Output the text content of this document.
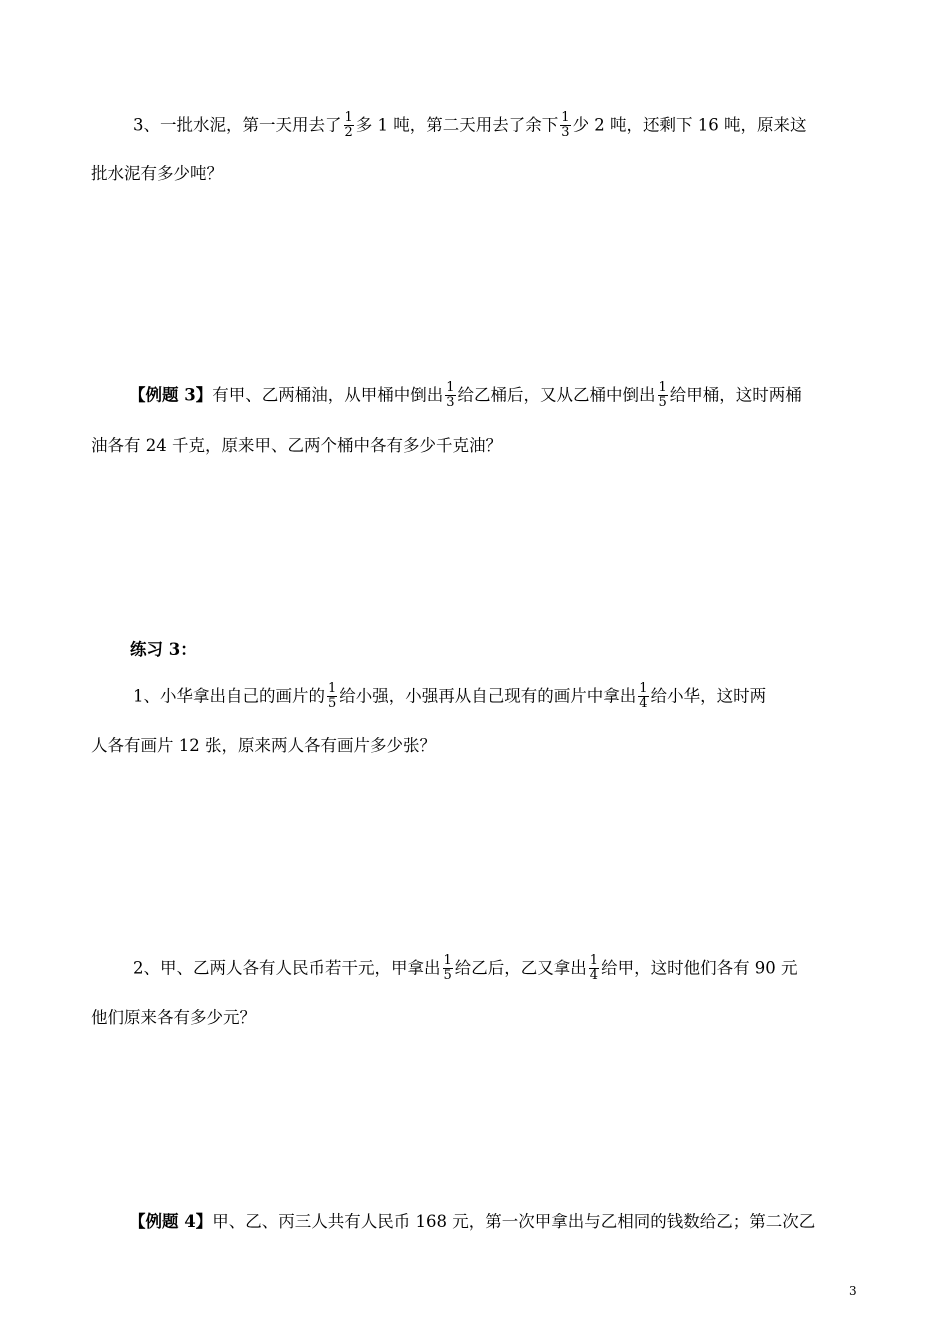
3、一批水泥，第一天用去了 $\frac{1}{2}$ 多 1 吨，第二天用去了余下 $\frac{1}{3}$ 少 2 吨，还剩下 16 吨，原来这
批水泥有多少吨？
【例题 3】有甲、乙两桶油，从甲桶中倒出 $\frac{1}{3}$ 给乙桶后，又从乙桶中倒出 $\frac{1}{5}$ 给甲桶，这时两桶
油各有 24 千克，原来甲、乙两个桶中各有多少千克油？
练习 3：
1、小华拿出自己的画片的 $\frac{1}{5}$ 给小强，小强再从自己现有的画片中拿出 $\frac{1}{4}$ 给小华，这时两
人各有画片 12 张，原来两人各有画片多少张？
2、甲、乙两人各有人民币若干元，甲拿出 $\frac{1}{5}$ 给乙后，乙又拿出 $\frac{1}{4}$ 给甲，这时他们各有 90 元
他们原来各有多少元？
【例题 4】甲、乙、丙三人共有人民币 168 元，第一次甲拿出与乙相同的钱数给乙；第二次乙
3
